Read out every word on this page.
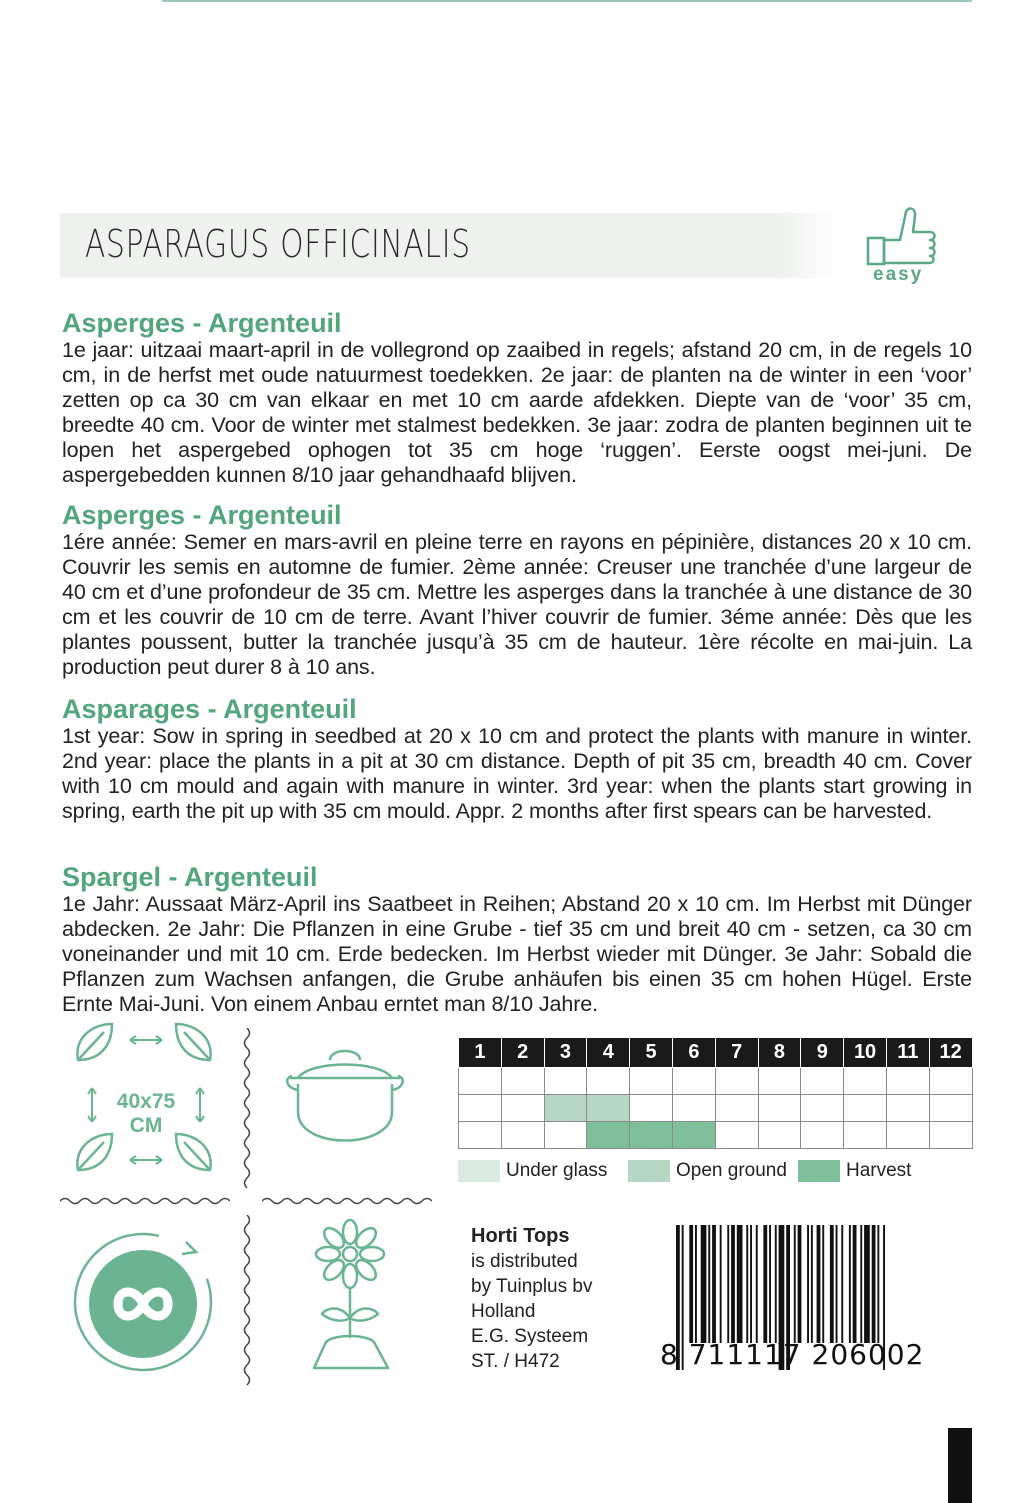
ASPARAGUS OFFICINALIS
easy
Asperges - Argenteuil

1e jaar: uitzaai maart-april in de vollegrond op zaaibed in regels; afstand 20 cm, in de regels 10 cm, in de herfst met oude natuurmest toedekken. 2e jaar: de planten na de winter in een ‘voor’ zetten op ca 30 cm van elkaar en met 10 cm aarde afdekken. Diepte van de ‘voor’ 35 cm, breedte 40 cm. Voor de winter met stalmest bedekken. 3e jaar: zodra de planten beginnen uit te lopen het aspergebed ophogen tot 35 cm hoge ‘ruggen’. Eerste oogst mei-juni. De aspergebedden kunnen 8/10 jaar gehandhaafd blijven.

Asperges - Argenteuil

1ére année: Semer en mars-avril en pleine terre en rayons en pépinière, distances 20 x 10 cm. Couvrir les semis en automne de fumier. 2ème année: Creuser une tranchée d’une largeur de 40 cm et d’une profondeur de 35 cm. Mettre les asperges dans la tranchée à une distance de 30 cm et les couvrir de 10 cm de terre. Avant l’hiver couvrir de fumier. 3éme année: Dès que les plantes poussent, butter la tranchée jusqu’à 35 cm de hauteur. 1ère récolte en mai-juin. La production peut durer 8 à 10 ans.

Asparages - Argenteuil

1st year: Sow in spring in seedbed at 20 x 10 cm and protect the plants with manure in winter. 2nd year: place the plants in a pit at 30 cm distance. Depth of pit 35 cm, breadth 40 cm. Cover with 10 cm mould and again with manure in winter. 3rd year: when the plants start growing in spring, earth the pit up with 35 cm mould. Appr. 2 months after first spears can be harvested.

Spargel - Argenteuil

1e Jahr: Aussaat März-April ins Saatbeet in Reihen; Abstand 20 x 10 cm. Im Herbst mit Dünger abdecken. 2e Jahr: Die Pflanzen in eine Grube - tief 35 cm und breit 40 cm - setzen, ca 30 cm voneinander und mit 10 cm. Erde bedecken. Im Herbst wieder mit Dünger. 3e Jahr: Sobald die Pflanzen zum Wachsen anfangen, die Grube anhäufen bis einen 35 cm hohen Hügel. Erste Ernte Mai-Juni. Von einem Anbau erntet man 8/10 Jahre.

40x75
CM
1	2	3	4	5	6	7	8	9	10	11	12

Under glass	Open ground	Harvest
Horti Tops
is distributed
by Tuinplus bv
Holland
E.G. Systeem
ST. / H472	8 711117 206002
